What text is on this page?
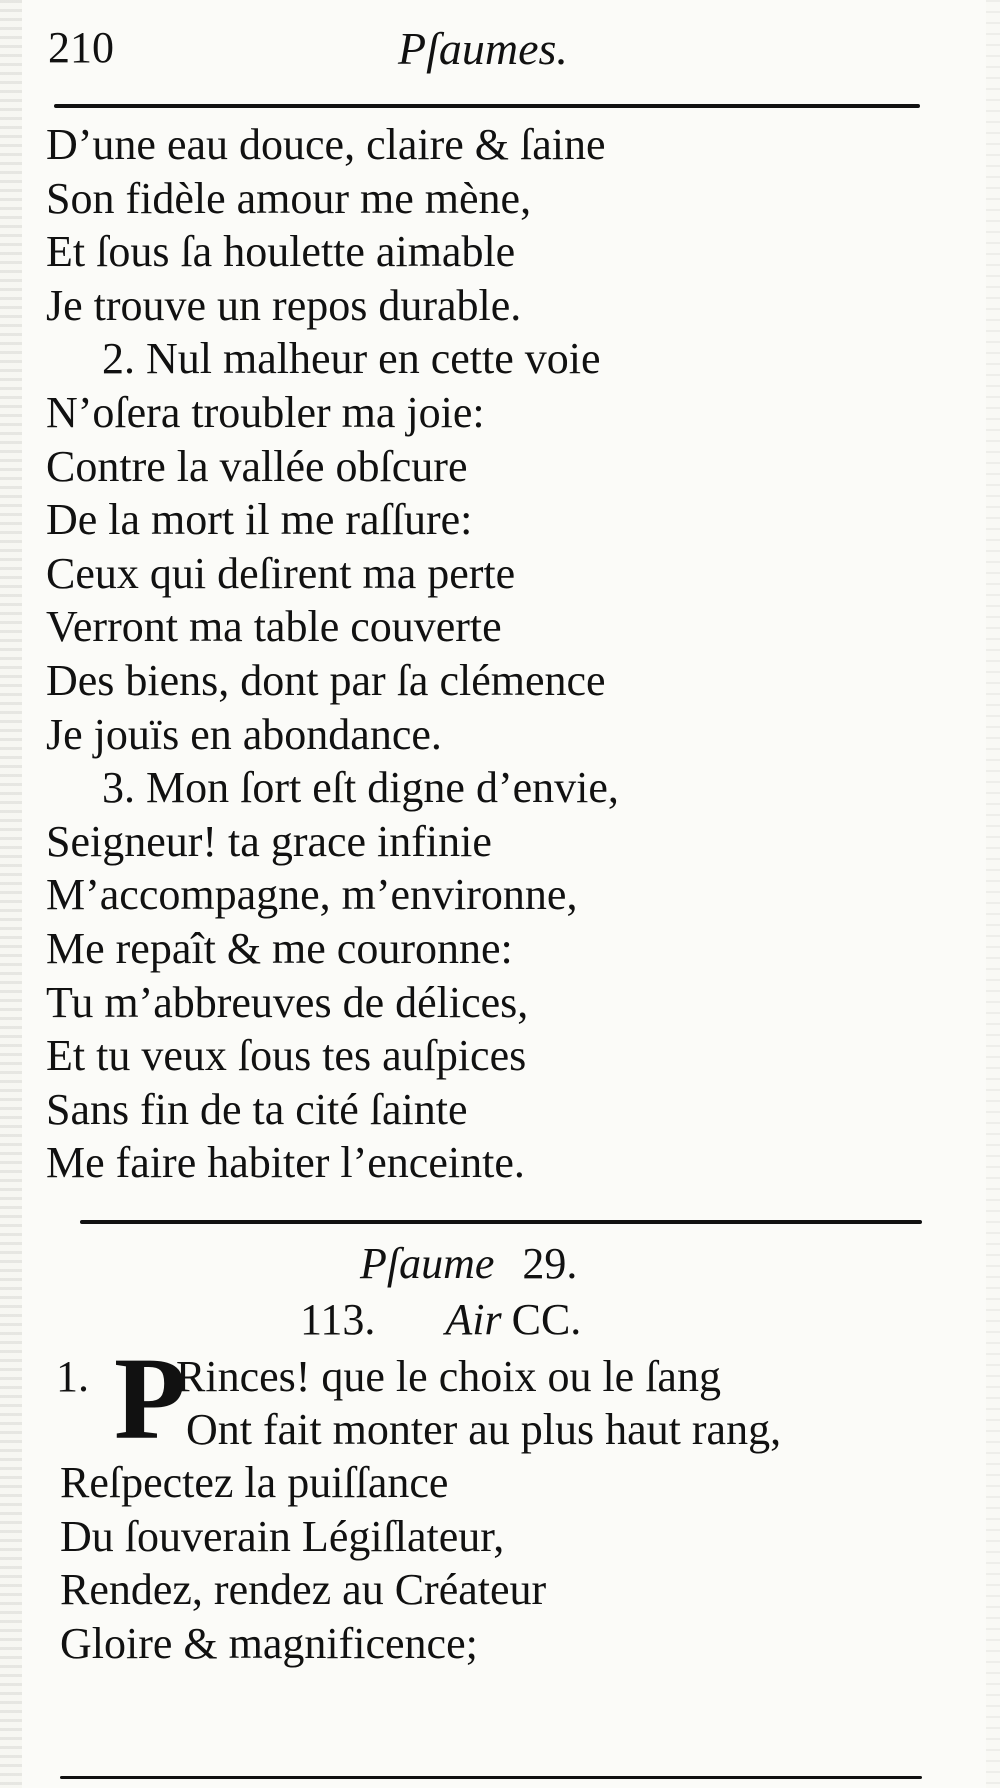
210	Pſaumes.
D’une eau douce, claire & ſaine
Son fidèle amour me mène,
Et ſous ſa houlette aimable
Je trouve un repos durable.
2. Nul malheur en cette voie
N’oſera troubler ma joie:
Contre la vallée obſcure
De la mort il me raſſure:
Ceux qui deſirent ma perte
Verront ma table couverte
Des biens, dont par ſa clémence
Je jouïs en abondance.
3. Mon ſort eſt digne d’envie,
Seigneur! ta grace infinie
M’accompagne, m’environne,
Me repaît & me couronne:
Tu m’abbreuves de délices,
Et tu veux ſous tes auſpices
Sans fin de ta cité ſainte
Me faire habiter l’enceinte.
Pſaume 29.
113. Air CC.
1. P
Rinces! que le choix ou le ſang
Ont fait monter au plus haut rang,
Reſpectez la puiſſance
Du ſouverain Légiſlateur,
Rendez, rendez au Créateur
Gloire & magnificence;
